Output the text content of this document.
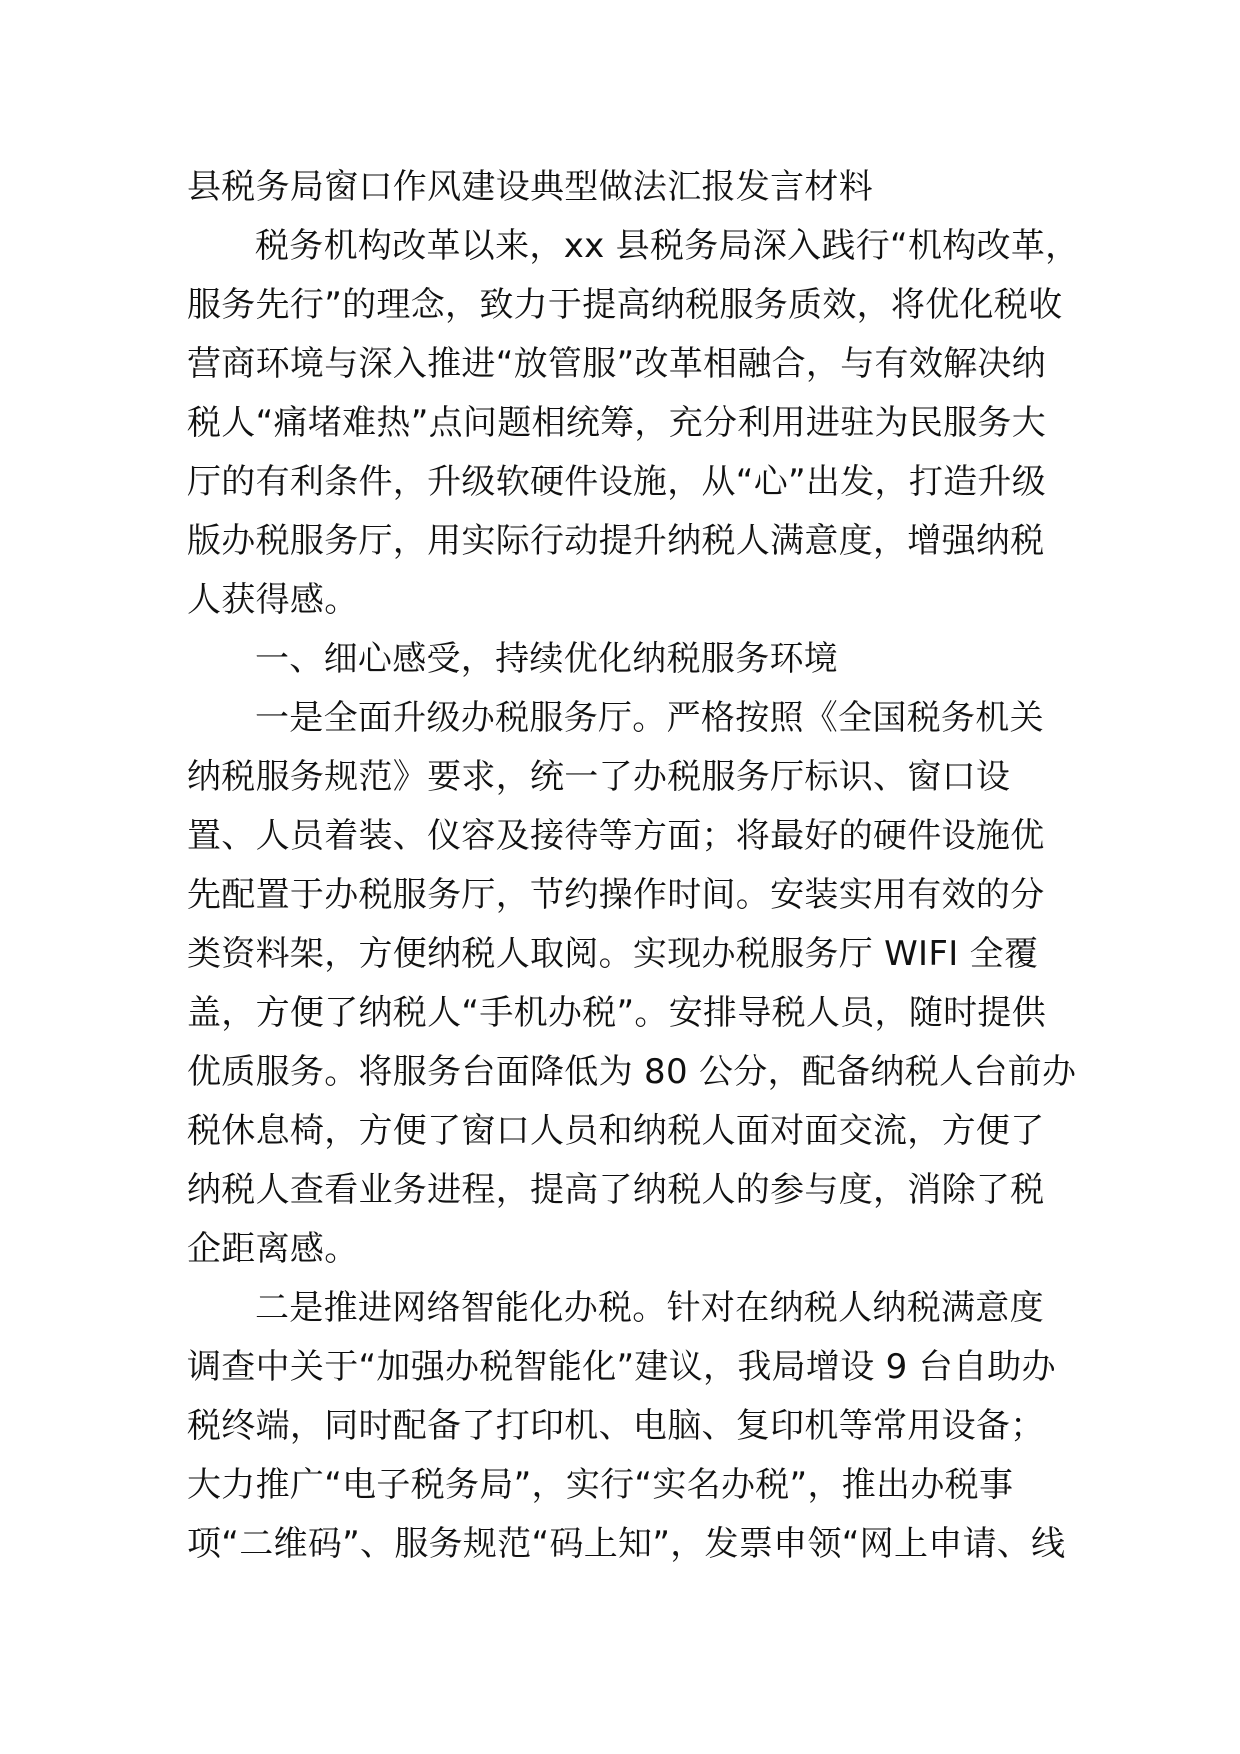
县税务局窗口作风建设典型做法汇报发言材料
税务机构改革以来，xx 县税务局深入践行“机构改革，
服务先行”的理念，致力于提高纳税服务质效，将优化税收
营商环境与深入推进“放管服”改革相融合，与有效解决纳
税人“痛堵难热”点问题相统筹，充分利用进驻为民服务大
厅的有利条件，升级软硬件设施，从“心”出发，打造升级
版办税服务厅，用实际行动提升纳税人满意度，增强纳税
人获得感。
一、细心感受，持续优化纳税服务环境
一是全面升级办税服务厅。严格按照《全国税务机关
纳税服务规范》要求，统一了办税服务厅标识、窗口设
置、人员着装、仪容及接待等方面；将最好的硬件设施优
先配置于办税服务厅，节约操作时间。安装实用有效的分
类资料架，方便纳税人取阅。实现办税服务厅 WIFI 全覆
盖，方便了纳税人“手机办税”。安排导税人员，随时提供
优质服务。将服务台面降低为 80 公分，配备纳税人台前办
税休息椅，方便了窗口人员和纳税人面对面交流，方便了
纳税人查看业务进程，提高了纳税人的参与度，消除了税
企距离感。
二是推进网络智能化办税。针对在纳税人纳税满意度
调查中关于“加强办税智能化”建议，我局增设 9 台自助办
税终端，同时配备了打印机、电脑、复印机等常用设备；
大力推广“电子税务局”，实行“实名办税”，推出办税事
项“二维码”、服务规范“码上知”，发票申领“网上申请、线
